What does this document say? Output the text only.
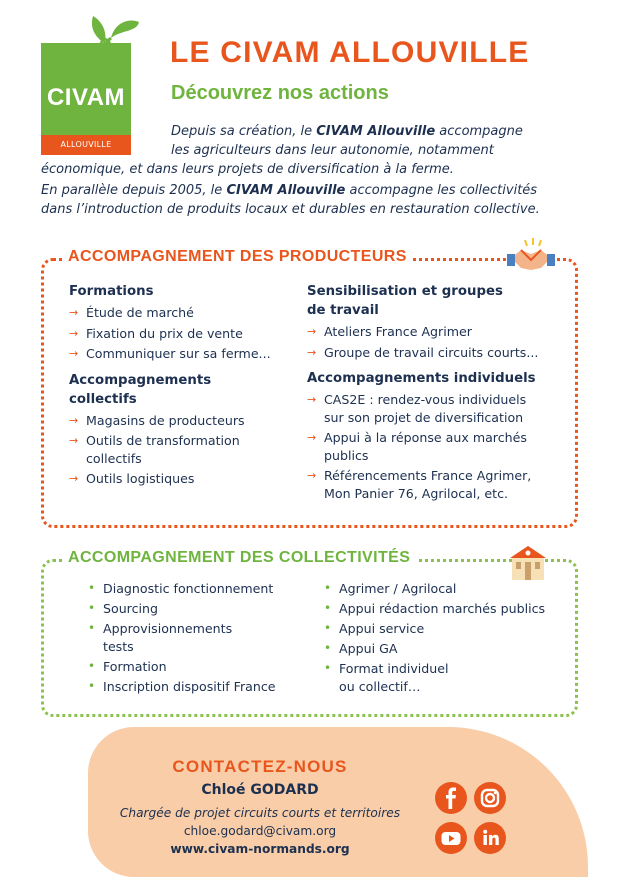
CIVAM
ALLOUVILLE
LE CIVAM ALLOUVILLE
Découvrez nos actions
Depuis sa création, le CIVAM Allouville accompagne
les agriculteurs dans leur autonomie, notamment
économique, et dans leurs projets de diversification à la ferme.
En parallèle depuis 2005, le CIVAM Allouville accompagne les collectivités
dans l’introduction de produits locaux et durables en restauration collective.
ACCOMPAGNEMENT DES PRODUCTEURS
Formations
→ Étude de marché
→ Fixation du prix de vente
→ Communiquer sur sa ferme...
Accompagnements
collectifs
→ Magasins de producteurs
→ Outils de transformation
collectifs
→ Outils logistiques
Sensibilisation et groupes
de travail
→ Ateliers France Agrimer
→ Groupe de travail circuits courts...
Accompagnements individuels
→ CAS2E : rendez-vous individuels
sur son projet de diversification
→ Appui à la réponse aux marchés
publics
→ Référencements France Agrimer,
Mon Panier 76, Agrilocal, etc.
ACCOMPAGNEMENT DES COLLECTIVITÉS
• Diagnostic fonctionnement
• Sourcing
• Approvisionnements
tests
• Formation
• Inscription dispositif France
• Agrimer / Agrilocal
• Appui rédaction marchés publics
• Appui service
• Appui GA
• Format individuel
ou collectif…
CONTACTEZ-NOUS
Chloé GODARD
Chargée de projet circuits courts et territoires
chloe.godard@civam.org
www.civam-normands.org
